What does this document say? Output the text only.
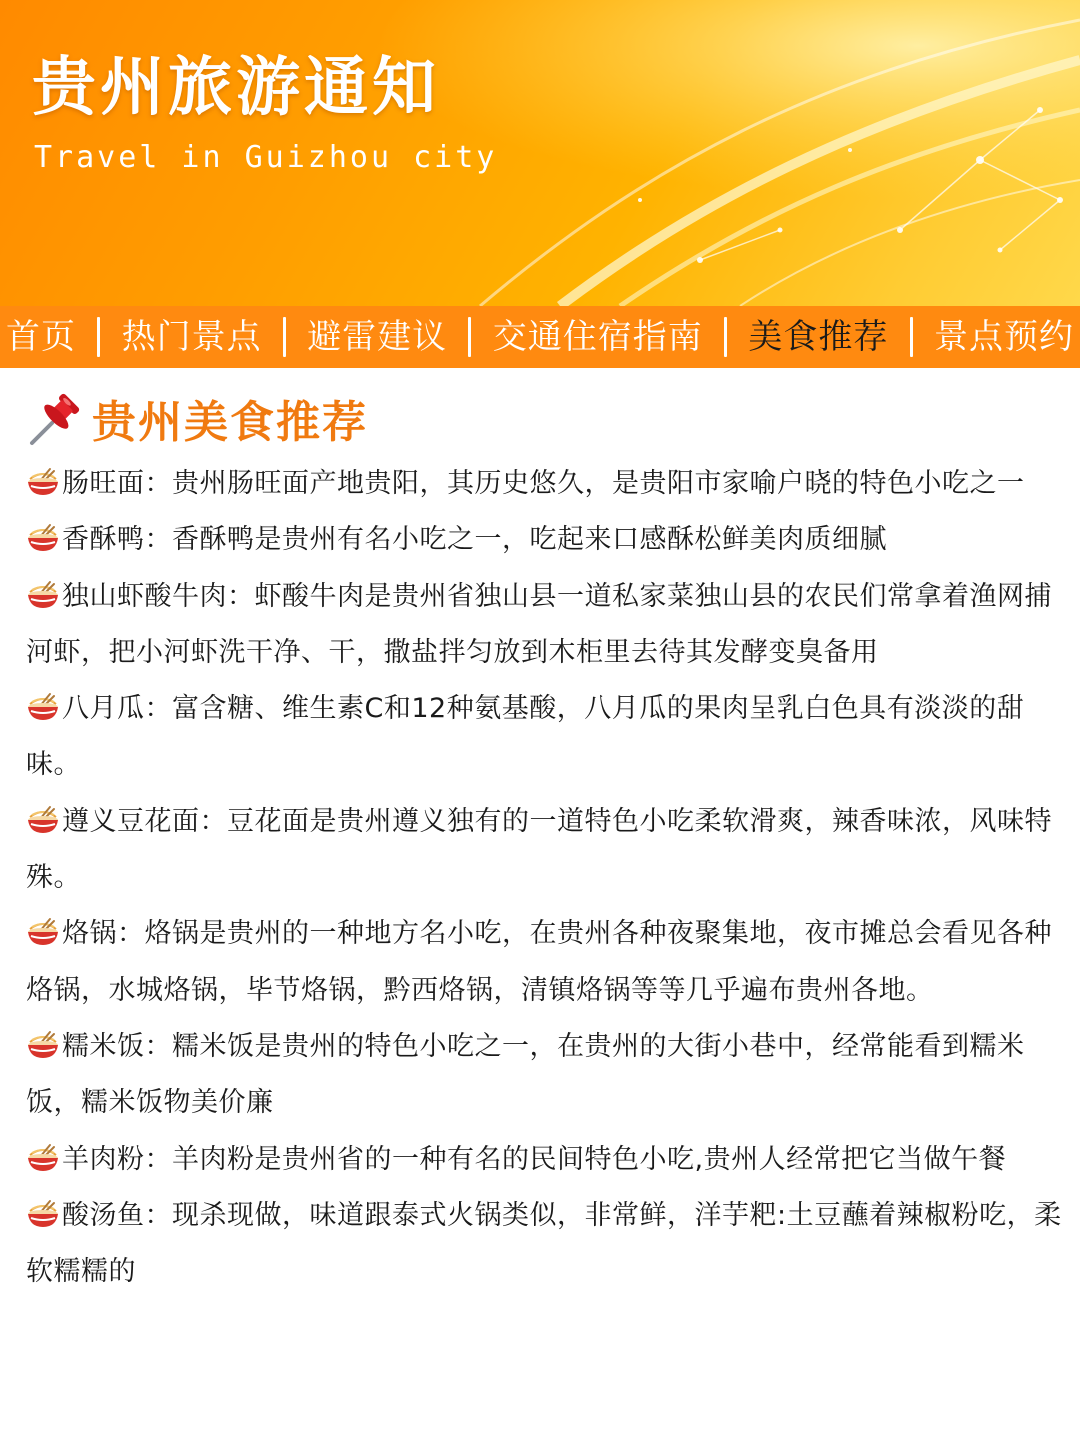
贵州旅游通知
Travel in Guizhou city
首页 热门景点 避雷建议 交通住宿指南 美食推荐 景点预约
贵州美食推荐
肠旺面：贵州肠旺面产地贵阳，其历史悠久，是贵阳市家喻户晓的特色小吃之一
香酥鸭：香酥鸭是贵州有名小吃之一，吃起来口感酥松鲜美肉质细腻
独山虾酸牛肉：虾酸牛肉是贵州省独山县一道私家菜独山县的农民们常拿着渔网捕河虾，把小河虾洗干净、干，撒盐拌匀放到木柜里去待其发酵变臭备用
八月瓜：富含糖、维生素C和12种氨基酸，八月瓜的果肉呈乳白色具有淡淡的甜味。
遵义豆花面：豆花面是贵州遵义独有的一道特色小吃柔软滑爽，辣香味浓，风味特殊。
烙锅：烙锅是贵州的一种地方名小吃，在贵州各种夜聚集地，夜市摊总会看见各种烙锅，水城烙锅，毕节烙锅，黔西烙锅，清镇烙锅等等几乎遍布贵州各地。
糯米饭：糯米饭是贵州的特色小吃之一，在贵州的大街小巷中，经常能看到糯米饭，糯米饭物美价廉
羊肉粉：羊肉粉是贵州省的一种有名的民间特色小吃,贵州人经常把它当做午餐
酸汤鱼：现杀现做，味道跟泰式火锅类似，非常鲜，洋芋粑:土豆蘸着辣椒粉吃，柔软糯糯的
